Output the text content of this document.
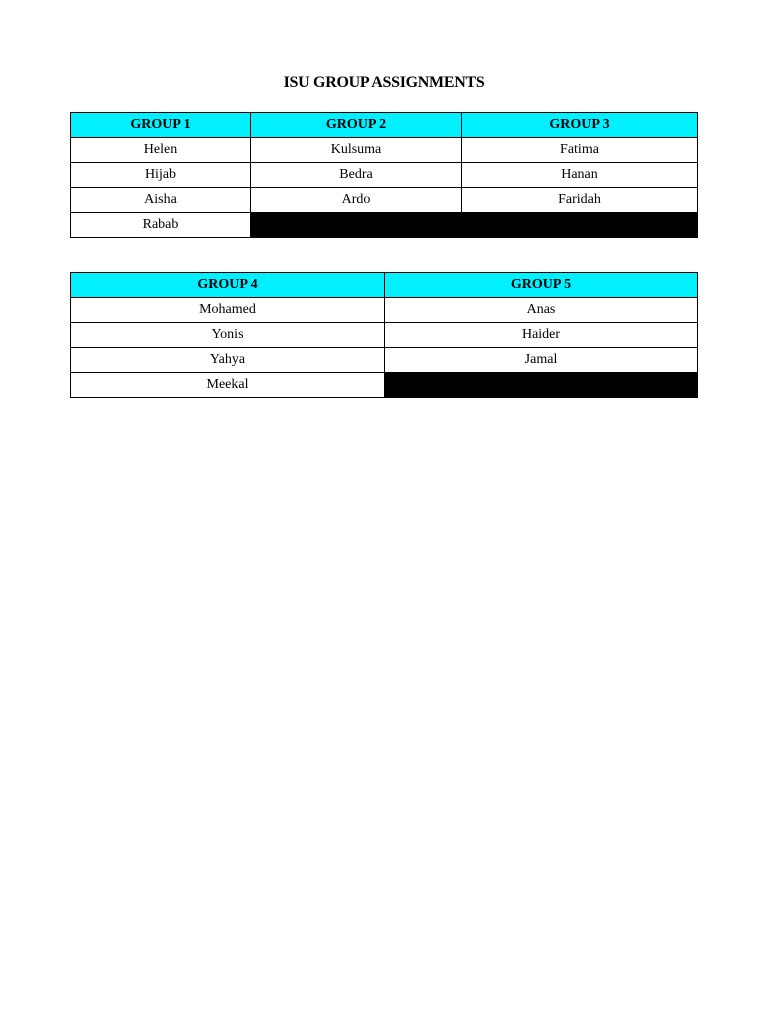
ISU GROUP ASSIGNMENTS
GROUP 1	GROUP 2	GROUP 3
Helen	Kulsuma	Fatima
Hijab	Bedra	Hanan
Aisha	Ardo	Faridah
Rabab		
GROUP 4	GROUP 5
Mohamed	Anas
Yonis	Haider
Yahya	Jamal
Meekal	
